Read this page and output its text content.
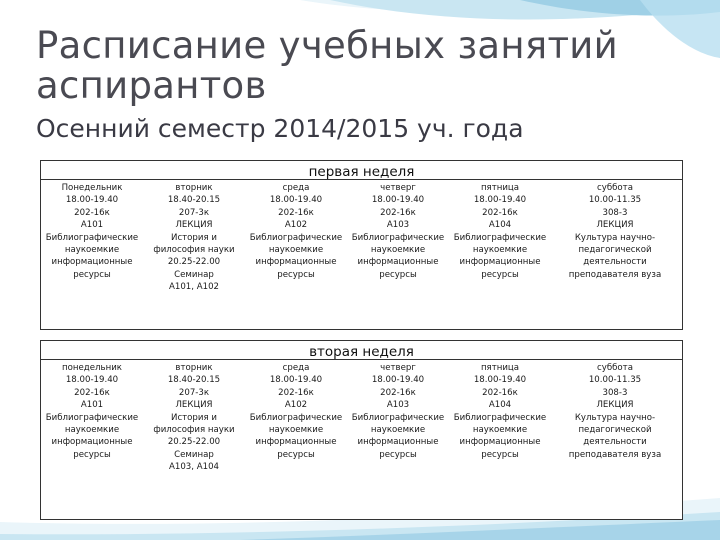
Расписание учебных занятий
аспирантов
Осенний семестр 2014/2015 уч. года
первая неделя
Понедельник
18.00-19.40
202-16к
А101
Библиографические
наукоемкие
информационные
ресурсы
вторник
18.40-20.15
207-3к
ЛЕКЦИЯ
История и
философия науки
20.25-22.00
Семинар
А101, А102
среда
18.00-19.40
202-16к
А102
Библиографические
наукоемкие
информационные
ресурсы
четверг
18.00-19.40
202-16к
А103
Библиографические
наукоемкие
информационные
ресурсы
пятница
18.00-19.40
202-16к
А104
Библиографические
наукоемкие
информационные
ресурсы
суббота
10.00-11.35
308-3
ЛЕКЦИЯ
Культура научно-
педагогической
деятельности
преподавателя вуза
вторая неделя
понедельник
18.00-19.40
202-16к
А101
Библиографические
наукоемкие
информационные
ресурсы
вторник
18.40-20.15
207-3к
ЛЕКЦИЯ
История и
философия науки
20.25-22.00
Семинар
А103, А104
среда
18.00-19.40
202-16к
А102
Библиографические
наукоемкие
информационные
ресурсы
четверг
18.00-19.40
202-16к
А103
Библиографические
наукоемкие
информационные
ресурсы
пятница
18.00-19.40
202-16к
А104
Библиографические
наукоемкие
информационные
ресурсы
суббота
10.00-11.35
308-3
ЛЕКЦИЯ
Культура научно-
педагогической
деятельности
преподавателя вуза
